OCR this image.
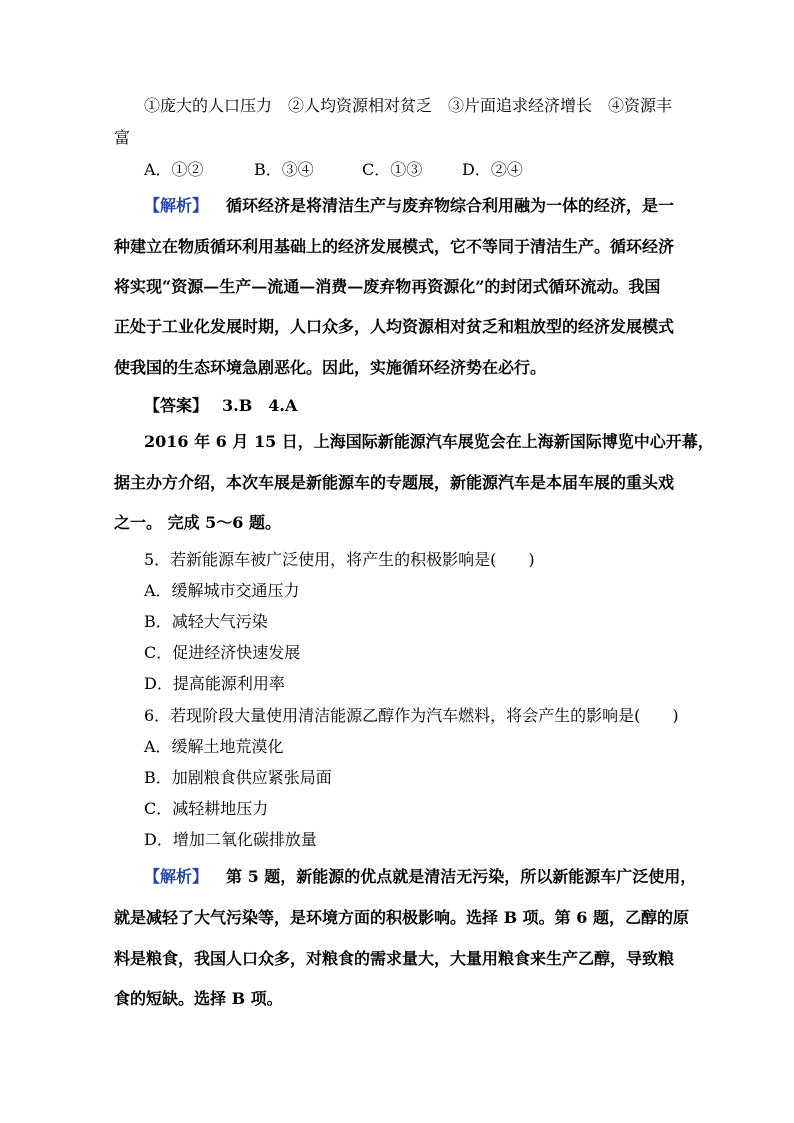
①庞大的人口压力　②人均资源相对贫乏　③片面追求经济增长　④资源丰
富
A．①②	B．③④	C．①③ D．②④
【解析】 循环经济是将清洁生产与废弃物综合利用融为一体的经济，是一
种建立在物质循环利用基础上的经济发展模式，它不等同于清洁生产。循环经济
将实现“资源—生产—流通—消费—废弃物再资源化”的封闭式循环流动。我国
正处于工业化发展时期，人口众多，人均资源相对贫乏和粗放型的经济发展模式
使我国的生态环境急剧恶化。因此，实施循环经济势在必行。
【答案】 3.B　4.A
2016 年 6 月 15 日，上海国际新能源汽车展览会在上海新国际博览中心开幕，
据主办方介绍，本次车展是新能源车的专题展，新能源汽车是本届车展的重头戏
之一。 完成 5～6 题。
5．若新能源车被广泛使用，将产生的积极影响是(　　)
A．缓解城市交通压力
B．减轻大气污染
C．促进经济快速发展
D．提高能源利用率
6．若现阶段大量使用清洁能源乙醇作为汽车燃料，将会产生的影响是(　　)
A．缓解土地荒漠化
B．加剧粮食供应紧张局面
C．减轻耕地压力
D．增加二氧化碳排放量
【解析】 第 5 题，新能源的优点就是清洁无污染，所以新能源车广泛使用，
就是减轻了大气污染等，是环境方面的积极影响。选择 B 项。第 6 题，乙醇的原
料是粮食，我国人口众多，对粮食的需求量大，大量用粮食来生产乙醇，导致粮
食的短缺。选择 B 项。
